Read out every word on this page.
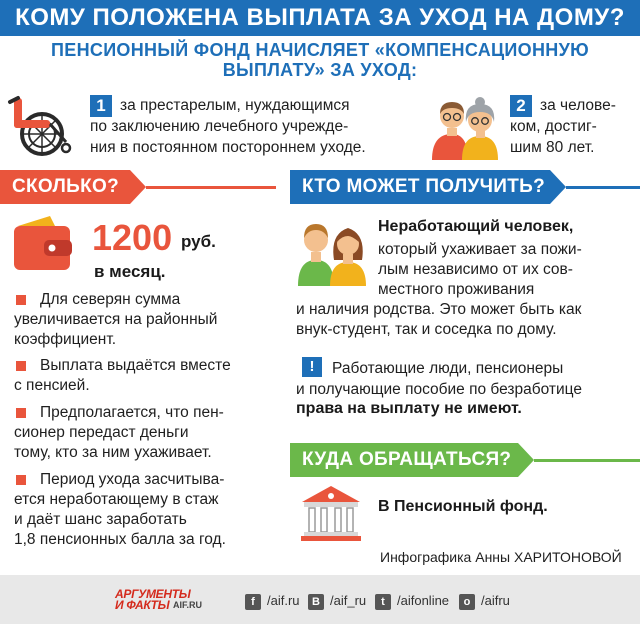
КОМУ ПОЛОЖЕНА ВЫПЛАТА ЗА УХОД НА ДОМУ?
ПЕНСИОННЫЙ ФОНД НАЧИСЛЯЕТ «КОМПЕНСАЦИОННУЮ
ВЫПЛАТУ» ЗА УХОД:
1 за престарелым, нуждающимся
по заключению лечебного учрежде-
ния в постоянном постороннем уходе.
2 за челове-
ком, достиг-
шим 80 лет.
СКОЛЬКО?
1200 руб.
в месяц.
Для северян сумма
увеличивается на районный
коэффициент.
Выплата выдаётся вместе
с пенсией.
Предполагается, что пен-
сионер передаст деньги
тому, кто за ним ухаживает.
Период ухода засчитыва-
ется неработающему в стаж
и даёт шанс заработать
1,8 пенсионных балла за год.
КТО МОЖЕТ ПОЛУЧИТЬ?
Неработающий человек,
который ухаживает за пожи-
лым независимо от их сов-
местного проживания
и наличия родства. Это может быть как
внук-студент, так и соседка по дому.
!	Работающие люди, пенсионеры
и получающие пособие по безработице
права на выплату не имеют.
КУДА ОБРАЩАТЬСЯ?
В Пенсионный фонд.
Инфографика Анны ХАРИТОНОВОЙ
АРГУМЕНТЫ
И ФАКТЫ AIF.RU	f /aif.ru	В /aif_ru	t /aifonline	о /aifru
